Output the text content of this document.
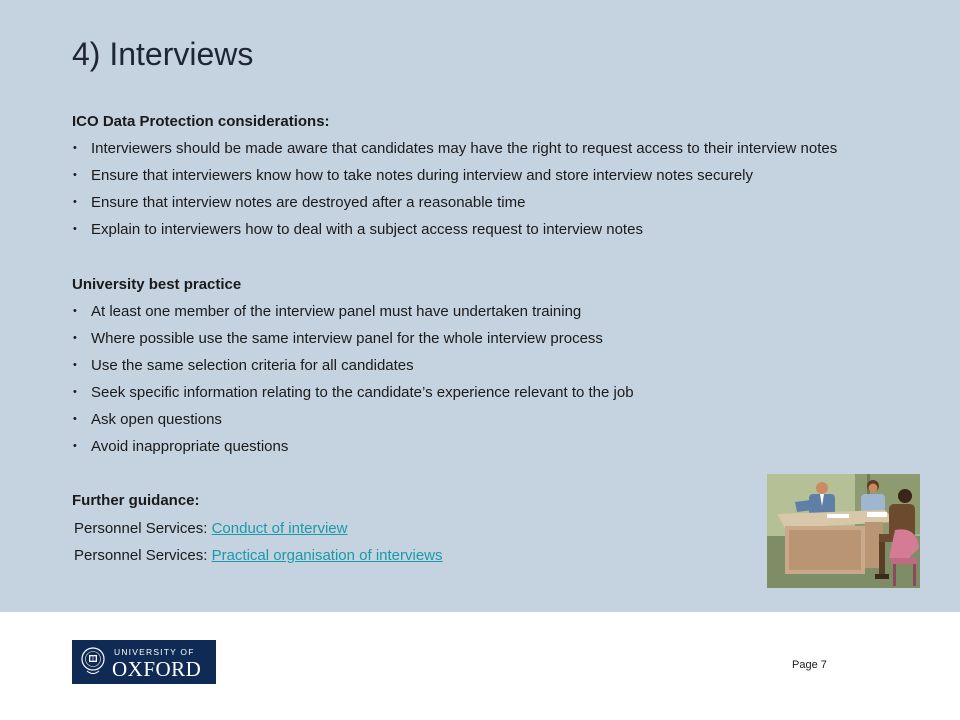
4) Interviews
ICO Data Protection considerations:
• Interviewers should be made aware that candidates may have the right to request access to their interview notes
• Ensure that interviewers know how to take notes during interview and store interview notes securely
• Ensure that interview notes are destroyed after a reasonable time
• Explain to interviewers how to deal with a subject access request to interview notes
University best practice
• At least one member of the interview panel must have undertaken training
• Where possible use the same interview panel for the whole interview process
• Use the same selection criteria for all candidates
• Seek specific information relating to the candidate’s experience relevant to the job
• Ask open questions
• Avoid inappropriate questions
Further guidance:
Personnel Services: Conduct of interview
Personnel Services: Practical organisation of interviews
UNIVERSITY OF
OXFORD	Page 7
